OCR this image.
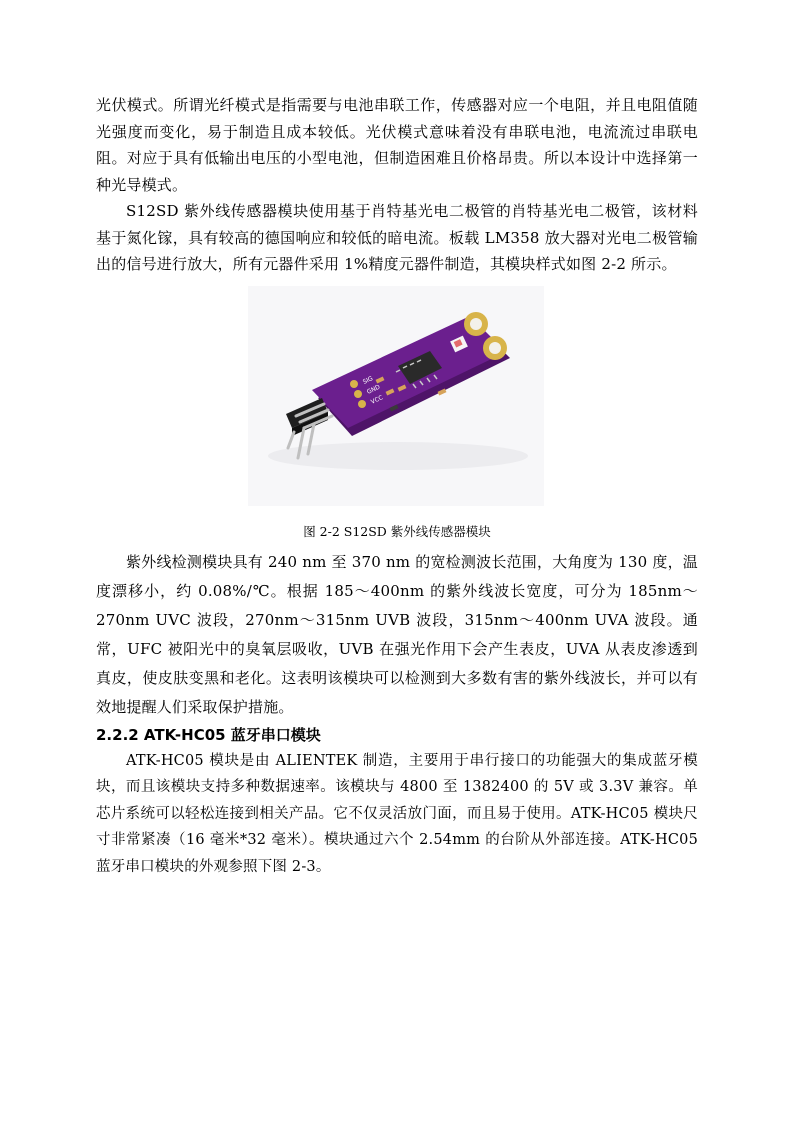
光伏模式。所谓光纤模式是指需要与电池串联工作，传感器对应一个电阻，并且电阻值随光强度而变化，易于制造且成本较低。光伏模式意味着没有串联电池，电流流过串联电阻。对应于具有低输出电压的小型电池，但制造困难且价格昂贵。所以本设计中选择第一种光导模式。

S12SD 紫外线传感器模块使用基于肖特基光电二极管的肖特基光电二极管，该材料基于氮化镓，具有较高的德国响应和较低的暗电流。板载 LM358 放大器对光电二极管输出的信号进行放大，所有元器件采用 1%精度元器件制造，其模块样式如图 2-2 所示。

SIG
GND
VCC

图 2-2 S12SD 紫外线传感器模块

紫外线检测模块具有 240 nm 至 370 nm 的宽检测波长范围，大角度为 130 度，温度漂移小，约 0.08%/℃。根据 185～400nm 的紫外线波长宽度，可分为 185nm～270nm UVC 波段，270nm～315nm UVB 波段，315nm～400nm UVA 波段。通常，UFC 被阳光中的臭氧层吸收，UVB 在强光作用下会产生表皮，UVA 从表皮渗透到真皮，使皮肤变黑和老化。这表明该模块可以检测到大多数有害的紫外线波长，并可以有效地提醒人们采取保护措施。

2.2.2 ATK-HC05 蓝牙串口模块

ATK-HC05 模块是由 ALIENTEK 制造，主要用于串行接口的功能强大的集成蓝牙模块，而且该模块支持多种数据速率。该模块与 4800 至 1382400 的 5V 或 3.3V 兼容。单芯片系统可以轻松连接到相关产品。它不仅灵活放门面，而且易于使用。ATK-HC05 模块尺寸非常紧凑（16 毫米*32 毫米）。模块通过六个 2.54mm 的台阶从外部连接。ATK-HC05 蓝牙串口模块的外观参照下图 2-3。
